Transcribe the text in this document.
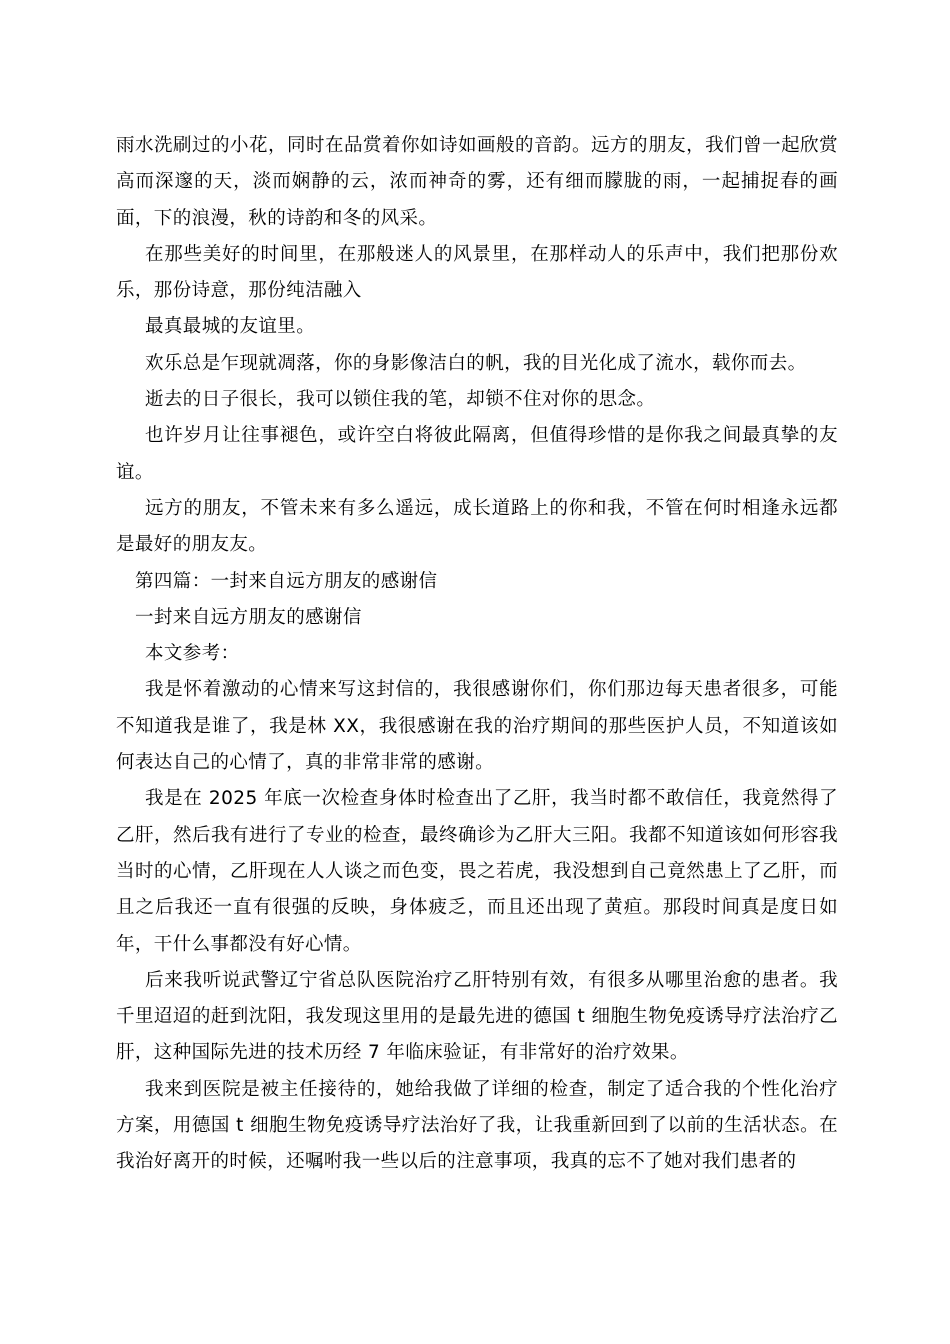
雨水洗刷过的小花，同时在品赏着你如诗如画般的音韵。远方的朋友，我们曾一起欣赏高而深邃的天，淡而娴静的云，浓而神奇的雾，还有细而朦胧的雨，一起捕捉春的画面，下的浪漫，秋的诗韵和冬的风采。

在那些美好的时间里，在那般迷人的风景里，在那样动人的乐声中，我们把那份欢乐，那份诗意，那份纯洁融入

最真最城的友谊里。

欢乐总是乍现就凋落，你的身影像洁白的帆，我的目光化成了流水，载你而去。

逝去的日子很长，我可以锁住我的笔，却锁不住对你的思念。

也许岁月让往事褪色，或许空白将彼此隔离，但值得珍惜的是你我之间最真挚的友谊。

远方的朋友，不管未来有多么遥远，成长道路上的你和我，不管在何时相逢永远都是最好的朋友友。

第四篇：一封来自远方朋友的感谢信

一封来自远方朋友的感谢信

本文参考：

我是怀着激动的心情来写这封信的，我很感谢你们，你们那边每天患者很多，可能不知道我是谁了，我是林 XX，我很感谢在我的治疗期间的那些医护人员，不知道该如何表达自己的心情了，真的非常非常的感谢。

我是在 2025 年底一次检查身体时检查出了乙肝，我当时都不敢信任，我竟然得了乙肝，然后我有进行了专业的检查，最终确诊为乙肝大三阳。我都不知道该如何形容我当时的心情，乙肝现在人人谈之而色变，畏之若虎，我没想到自己竟然患上了乙肝，而且之后我还一直有很强的反映，身体疲乏，而且还出现了黄疸。那段时间真是度日如年，干什么事都没有好心情。

后来我听说武警辽宁省总队医院治疗乙肝特别有效，有很多从哪里治愈的患者。我千里迢迢的赶到沈阳，我发现这里用的是最先进的德国 t 细胞生物免疫诱导疗法治疗乙肝，这种国际先进的技术历经 7 年临床验证，有非常好的治疗效果。

我来到医院是被主任接待的，她给我做了详细的检查，制定了适合我的个性化治疗方案，用德国 t 细胞生物免疫诱导疗法治好了我，让我重新回到了以前的生活状态。在我治好离开的时候，还嘱咐我一些以后的注意事项，我真的忘不了她对我们患者的
